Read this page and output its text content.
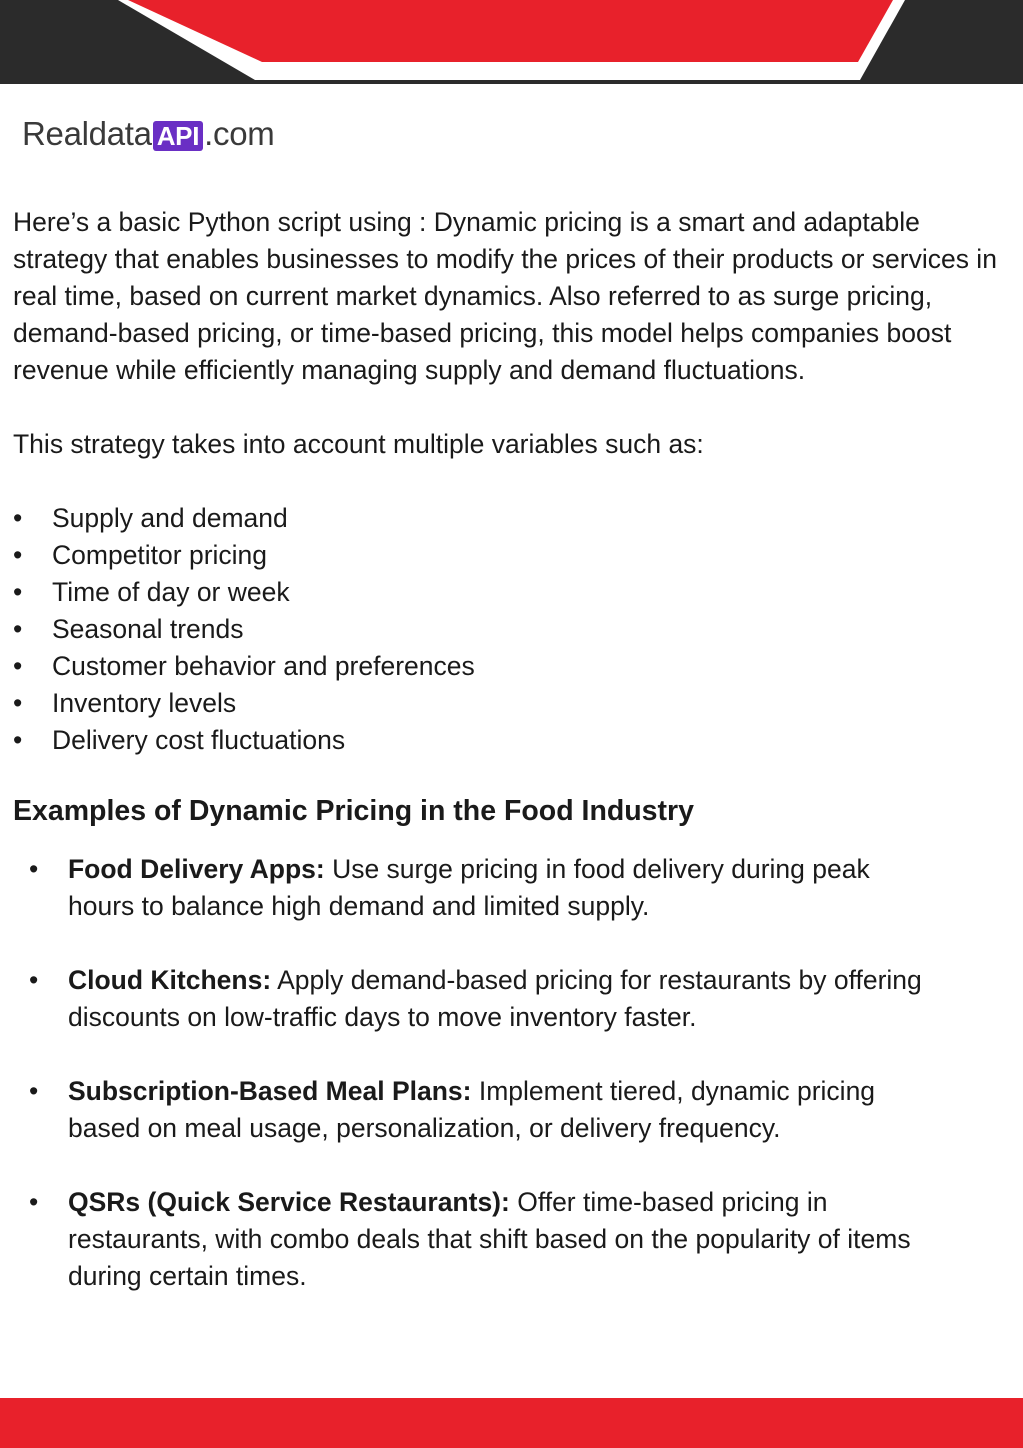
Realdata API .com

Here’s a basic Python script using : Dynamic pricing is a smart and adaptable strategy that enables businesses to modify the prices of their products or services in real time, based on current market dynamics. Also referred to as surge pricing, demand-based pricing, or time-based pricing, this model helps companies boost revenue while efficiently managing supply and demand fluctuations.

This strategy takes into account multiple variables such as:

• Supply and demand
• Competitor pricing
• Time of day or week
• Seasonal trends
• Customer behavior and preferences
• Inventory levels
• Delivery cost fluctuations
Examples of Dynamic Pricing in the Food Industry
• Food Delivery Apps: Use surge pricing in food delivery during peak hours to balance high demand and limited supply.
• Cloud Kitchens: Apply demand-based pricing for restaurants by offering discounts on low-traffic days to move inventory faster.
• Subscription-Based Meal Plans: Implement tiered, dynamic pricing based on meal usage, personalization, or delivery frequency.
• QSRs (Quick Service Restaurants): Offer time-based pricing in restaurants, with combo deals that shift based on the popularity of items during certain times.
